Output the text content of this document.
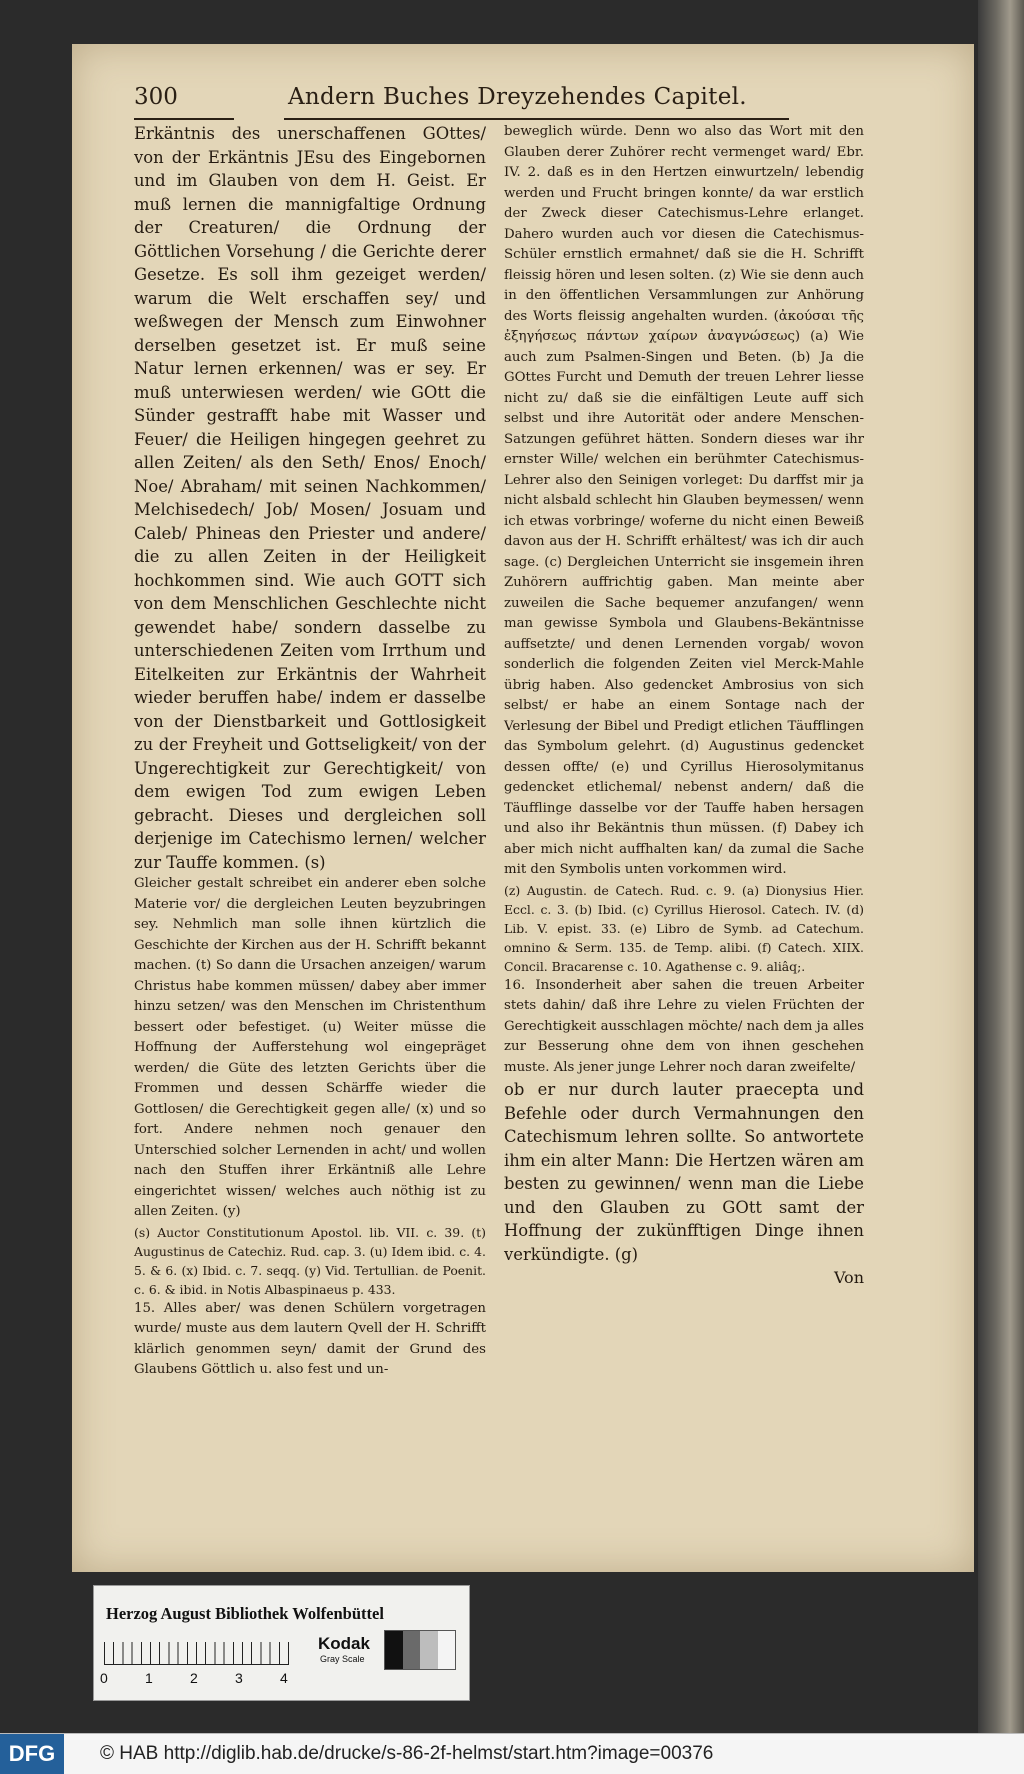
300	Andern Buches Dreyzehendes Capitel.

Erkäntnis des unerschaffenen GOttes/ von der Erkäntnis JEsu des Eingebornen und im Glauben von dem H. Geist. Er muß lernen die mannigfaltige Ordnung der Creaturen/ die Ordnung der Göttlichen Vorsehung / die Gerichte derer Gesetze. Es soll ihm gezeiget werden/ warum die Welt erschaffen sey/ und weßwegen der Mensch zum Einwohner derselben gesetzet ist. Er muß seine Natur lernen erkennen/ was er sey. Er muß unterwiesen werden/ wie GOtt die Sünder gestrafft habe mit Wasser und Feuer/ die Heiligen hingegen geehret zu allen Zeiten/ als den Seth/ Enos/ Enoch/ Noe/ Abraham/ mit seinen Nachkommen/ Melchisedech/ Job/ Mosen/ Josuam und Caleb/ Phineas den Priester und andere/ die zu allen Zeiten in der Heiligkeit hochkommen sind. Wie auch GOTT sich von dem Menschlichen Geschlechte nicht gewendet habe/ sondern dasselbe zu unterschiedenen Zeiten vom Irrthum und Eitelkeiten zur Erkäntnis der Wahrheit wieder beruffen habe/ indem er dasselbe von der Dienstbarkeit und Gottlosigkeit zu der Freyheit und Gottseligkeit/ von der Ungerechtigkeit zur Gerechtigkeit/ von dem ewigen Tod zum ewigen Leben gebracht. Dieses und dergleichen soll derjenige im Catechismo lernen/ welcher zur Tauffe kommen. (s)

Gleicher gestalt schreibet ein anderer eben solche Materie vor/ die dergleichen Leuten beyzubringen sey. Nehmlich man solle ihnen kürtzlich die Geschichte der Kirchen aus der H. Schrifft bekannt machen. (t) So dann die Ursachen anzeigen/ warum Christus habe kommen müssen/ dabey aber immer hinzu setzen/ was den Menschen im Christenthum bessert oder befestiget. (u) Weiter müsse die Hoffnung der Aufferstehung wol eingepräget werden/ die Güte des letzten Gerichts über die Frommen und dessen Schärffe wieder die Gottlosen/ die Gerechtigkeit gegen alle/ (x) und so fort. Andere nehmen noch genauer den Unterschied solcher Lernenden in acht/ und wollen nach den Stuffen ihrer Erkäntniß alle Lehre eingerichtet wissen/ welches auch nöthig ist zu allen Zeiten. (y)

(s) Auctor Constitutionum Apostol. lib. VII. c. 39. (t) Augustinus de Catechiz. Rud. cap. 3. (u) Idem ibid. c. 4. 5. & 6. (x) Ibid. c. 7. seqq. (y) Vid. Tertullian. de Poenit. c. 6. & ibid. in Notis Albaspinaeus p. 433.

15. Alles aber/ was denen Schülern vorgetragen wurde/ muste aus dem lautern Qvell der H. Schrifft klärlich genommen seyn/ damit der Grund des Glaubens Göttlich u. also fest und un-

beweglich würde. Denn wo also das Wort mit den Glauben derer Zuhörer recht vermenget ward/ Ebr. IV. 2. daß es in den Hertzen einwurtzeln/ lebendig werden und Frucht bringen konnte/ da war erstlich der Zweck dieser Catechismus-Lehre erlanget. Dahero wurden auch vor diesen die Catechismus-Schüler ernstlich ermahnet/ daß sie die H. Schrifft fleissig hören und lesen solten. (z) Wie sie denn auch in den öffentlichen Versammlungen zur Anhörung des Worts fleissig angehalten wurden. (ἀκούσαι τῆς ἐξηγήσεως πάντων χαίρων ἀναγνώσεως) (a) Wie auch zum Psalmen-Singen und Beten. (b) Ja die GOttes Furcht und Demuth der treuen Lehrer liesse nicht zu/ daß sie die einfältigen Leute auff sich selbst und ihre Autorität oder andere Menschen-Satzungen geführet hätten. Sondern dieses war ihr ernster Wille/ welchen ein berühmter Catechismus-Lehrer also den Seinigen vorleget: Du darffst mir ja nicht alsbald schlecht hin Glauben beymessen/ wenn ich etwas vorbringe/ woferne du nicht einen Beweiß davon aus der H. Schrifft erhältest/ was ich dir auch sage. (c) Dergleichen Unterricht sie insgemein ihren Zuhörern auffrichtig gaben. Man meinte aber zuweilen die Sache bequemer anzufangen/ wenn man gewisse Symbola und Glaubens-Bekäntnisse auffsetzte/ und denen Lernenden vorgab/ wovon sonderlich die folgenden Zeiten viel Merck-Mahle übrig haben. Also gedencket Ambrosius von sich selbst/ er habe an einem Sontage nach der Verlesung der Bibel und Predigt etlichen Täufflingen das Symbolum gelehrt. (d) Augustinus gedencket dessen offte/ (e) und Cyrillus Hierosolymitanus gedencket etlichemal/ nebenst andern/ daß die Täufflinge dasselbe vor der Tauffe haben hersagen und also ihr Bekäntnis thun müssen. (f) Dabey ich aber mich nicht auffhalten kan/ da zumal die Sache mit den Symbolis unten vorkommen wird.

(z) Augustin. de Catech. Rud. c. 9. (a) Dionysius Hier. Eccl. c. 3. (b) Ibid. (c) Cyrillus Hierosol. Catech. IV. (d) Lib. V. epist. 33. (e) Libro de Symb. ad Catechum. omnino & Serm. 135. de Temp. alibi. (f) Catech. XIIX. Concil. Bracarense c. 10. Agathense c. 9. aliâq;.

16. Insonderheit aber sahen die treuen Arbeiter stets dahin/ daß ihre Lehre zu vielen Früchten der Gerechtigkeit ausschlagen möchte/ nach dem ja alles zur Besserung ohne dem von ihnen geschehen muste. Als jener junge Lehrer noch daran zweifelte/

ob er nur durch lauter praecepta und Befehle oder durch Vermahnungen den Catechismum lehren sollte. So antwortete ihm ein alter Mann: Die Hertzen wären am besten zu gewinnen/ wenn man die Liebe und den Glauben zu GOtt samt der Hoffnung der zukünfftigen Dinge ihnen verkündigte. (g)

Von
Herzog August Bibliothek Wolfenbüttel
0	1	2	3	4
Kodak
Gray Scale
DFG	© HAB http://diglib.hab.de/drucke/s-86-2f-helmst/start.htm?image=00376
